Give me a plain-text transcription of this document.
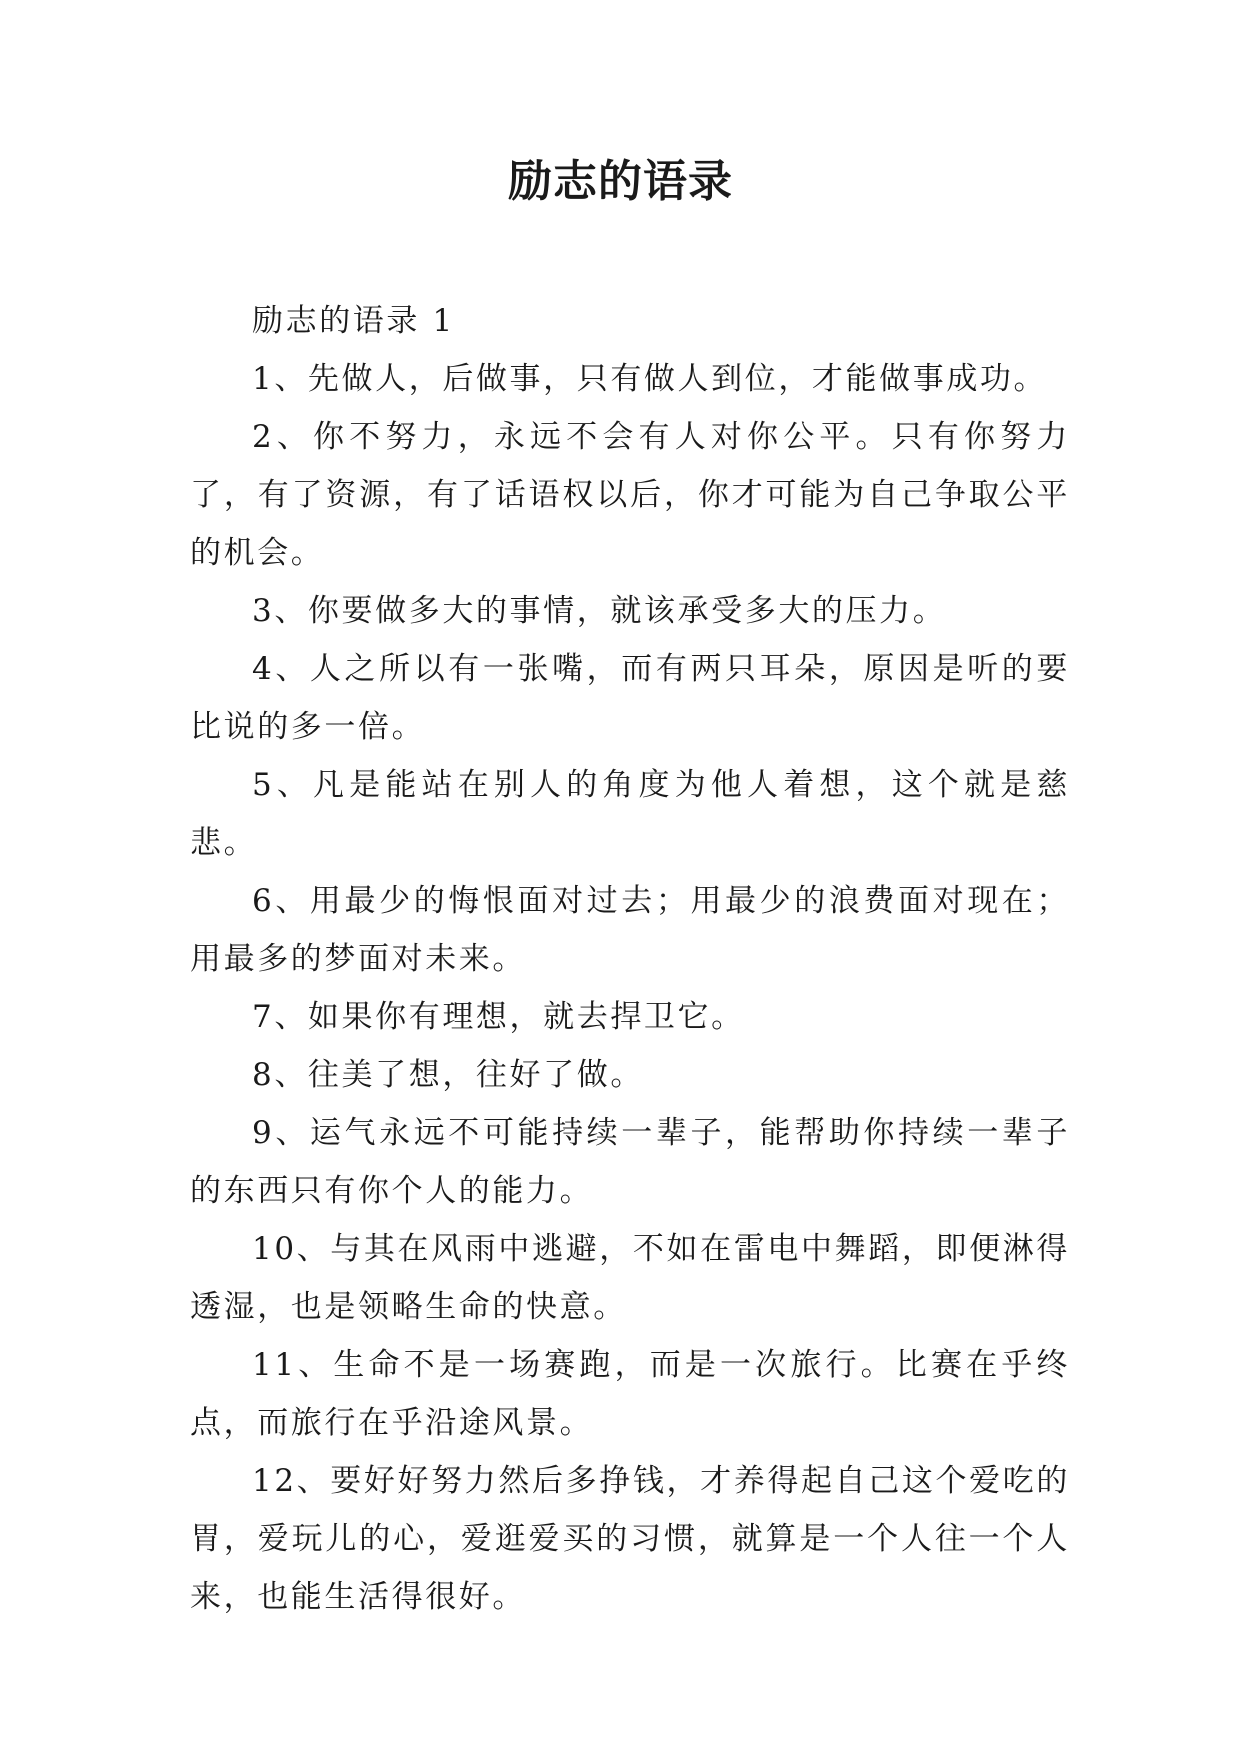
励志的语录

励志的语录 1

1、先做人，后做事，只有做人到位，才能做事成功。

2、你不努力，永远不会有人对你公平。只有你努力了，有了资源，有了话语权以后，你才可能为自己争取公平的机会。

3、你要做多大的事情，就该承受多大的压力。

4、人之所以有一张嘴，而有两只耳朵，原因是听的要比说的多一倍。

5、凡是能站在别人的角度为他人着想，这个就是慈悲。

6、用最少的悔恨面对过去；用最少的浪费面对现在；用最多的梦面对未来。

7、如果你有理想，就去捍卫它。

8、往美了想，往好了做。

9、运气永远不可能持续一辈子，能帮助你持续一辈子的东西只有你个人的能力。

10、与其在风雨中逃避，不如在雷电中舞蹈，即便淋得透湿，也是领略生命的快意。

11、生命不是一场赛跑，而是一次旅行。比赛在乎终点，而旅行在乎沿途风景。

12、要好好努力然后多挣钱，才养得起自己这个爱吃的胃，爱玩儿的心，爱逛爱买的习惯，就算是一个人往一个人来，也能生活得很好。
